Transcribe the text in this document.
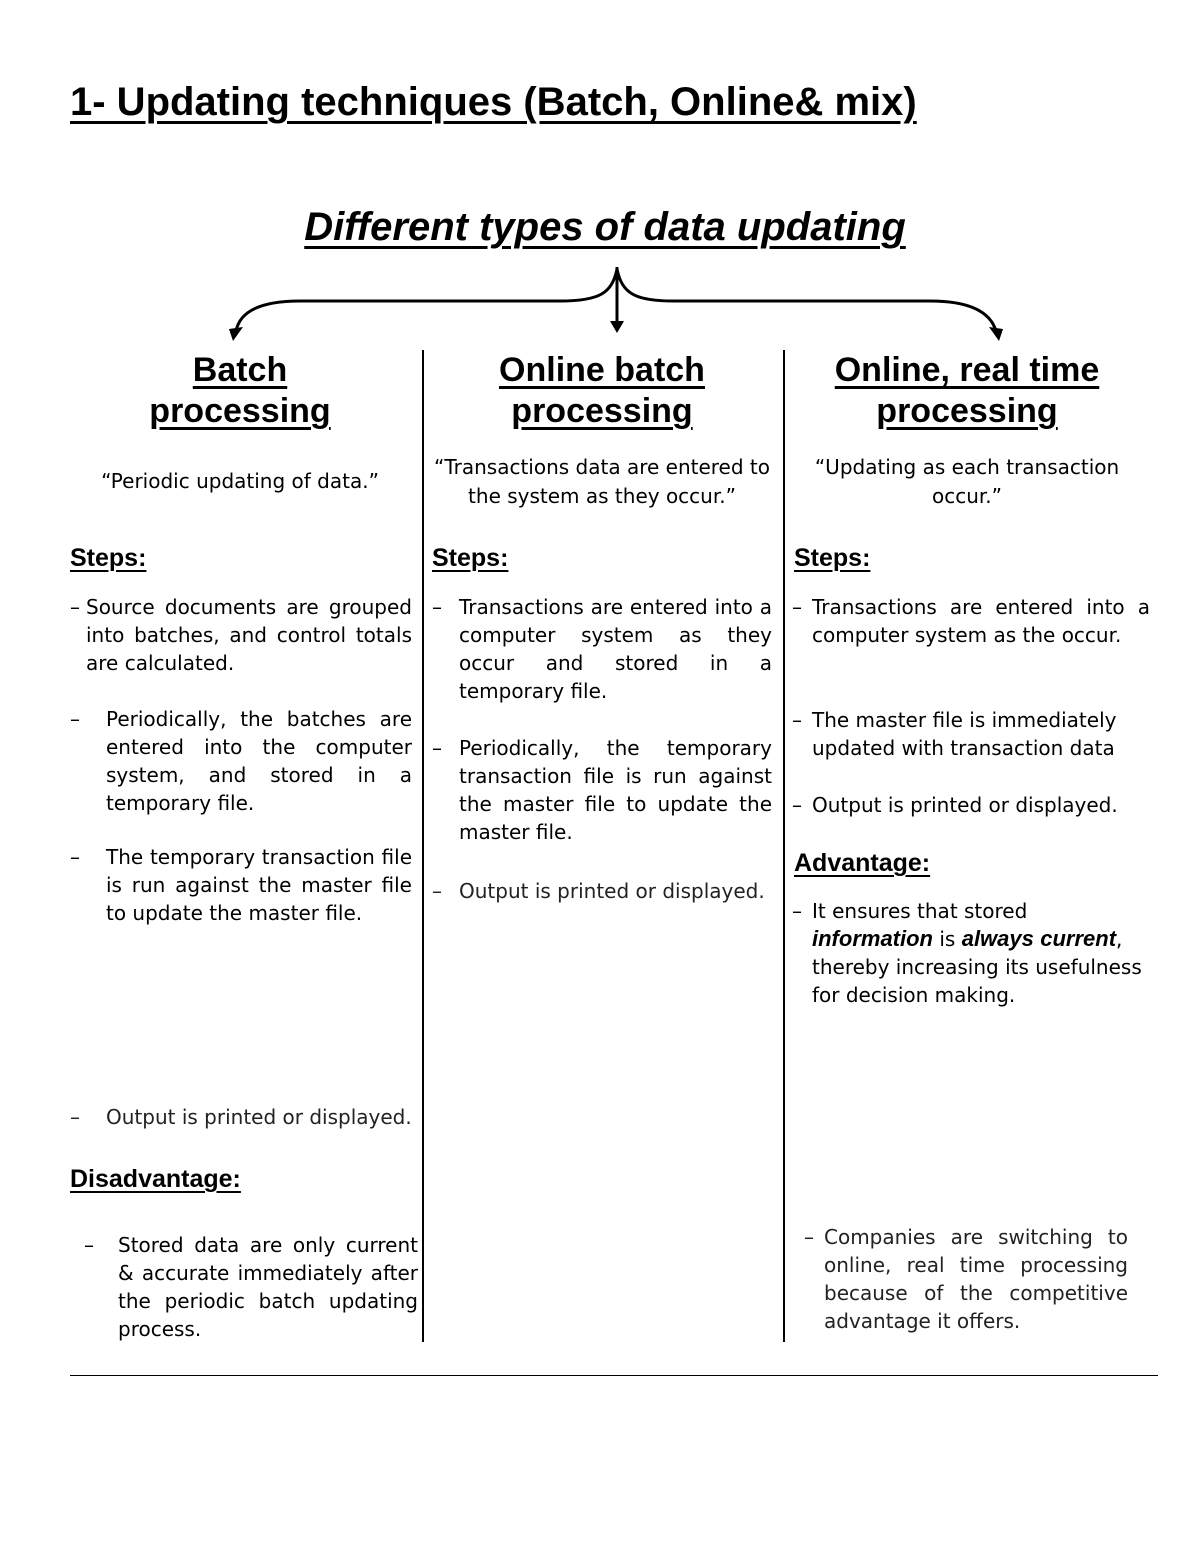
1- Updating techniques (Batch, Online& mix)
Different types of data updating
Batch
processing
“Periodic updating of data.”
Steps:
– Source documents are grouped into batches, and control totals are calculated.
–	Periodically, the batches are entered into the computer system, and stored in a temporary file.
–	The temporary transaction file is run against the master file to update the master file.
–	Output is printed or displayed.
Disadvantage:
–	Stored data are only current & accurate immediately after the periodic batch updating process.
Online batch
processing
“Transactions data are entered to the system as they occur.”
Steps:
– Transactions are entered into a computer system as they occur and stored in a temporary file.
– Periodically, the temporary transaction file is run against the master file to update the master file.
– Output is printed or displayed.
Online, real time
processing
“Updating as each transaction occur.”
Steps:
– Transactions are entered into a computer system as the occur.
– The master file is immediately updated with transaction data
– Output is printed or displayed.
Advantage:
– It ensures that stored information is always current, thereby increasing its usefulness for decision making.
– Companies are switching to online, real time processing because of the competitive advantage it offers.
